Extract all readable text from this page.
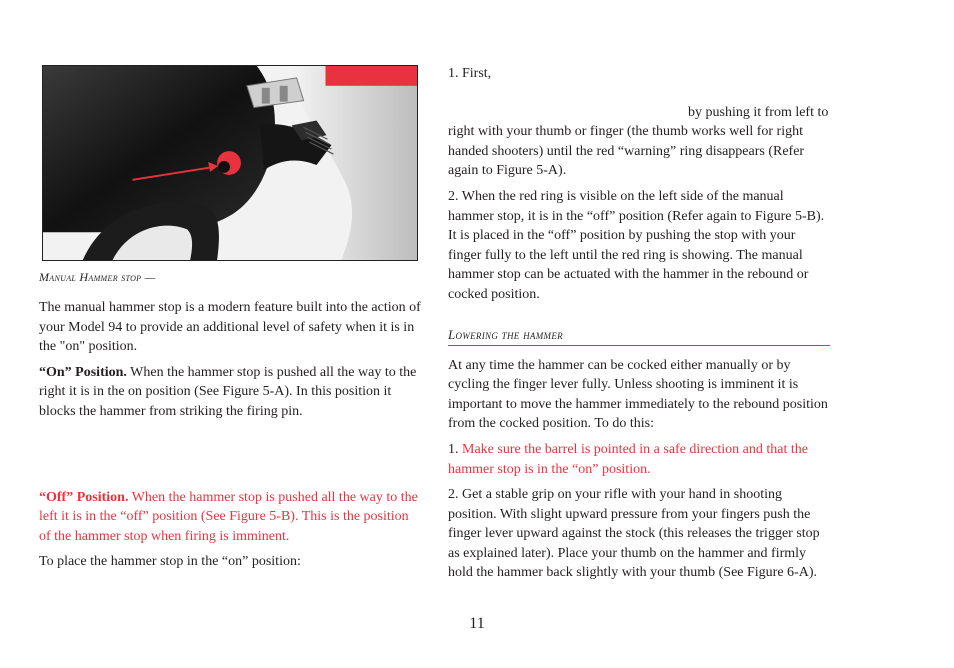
Manual Hammer stop —

The manual hammer stop is a modern feature built into the action of your Model 94 to provide an additional level of safety when it is in the "on" position.

“On” Position. When the hammer stop is pushed all the way to the right it is in the on position (See Figure 5-A). In this position it blocks the hammer from striking the firing pin.

“Off” Position. When the hammer stop is pushed all the way to the left it is in the “off” position (See Figure 5-B). This is the position of the hammer stop when firing is imminent.

To place the hammer stop in the “on” position:

1. First,

by pushing it from left to right with your thumb or finger (the thumb works well for right handed shooters) until the red “warning” ring disappears (Refer again to Figure 5-A).

2. When the red ring is visible on the left side of the manual hammer stop, it is in the “off” position (Refer again to Figure 5-B). It is placed in the “off” position by pushing the stop with your finger fully to the left until the red ring is showing. The manual hammer stop can be actuated with the hammer in the rebound or cocked position.

Lowering the hammer

At any time the hammer can be cocked either manually or by cycling the finger lever fully. Unless shooting is imminent it is important to move the hammer immediately to the rebound position from the cocked position. To do this:

1. Make sure the barrel is pointed in a safe direction and that the hammer stop is in the “on” position.

2. Get a stable grip on your rifle with your hand in shooting position. With slight upward pressure from your fingers push the finger lever upward against the stock (this releases the trigger stop as explained later). Place your thumb on the hammer and firmly hold the hammer back slightly with your thumb (See Figure 6-A).

11
